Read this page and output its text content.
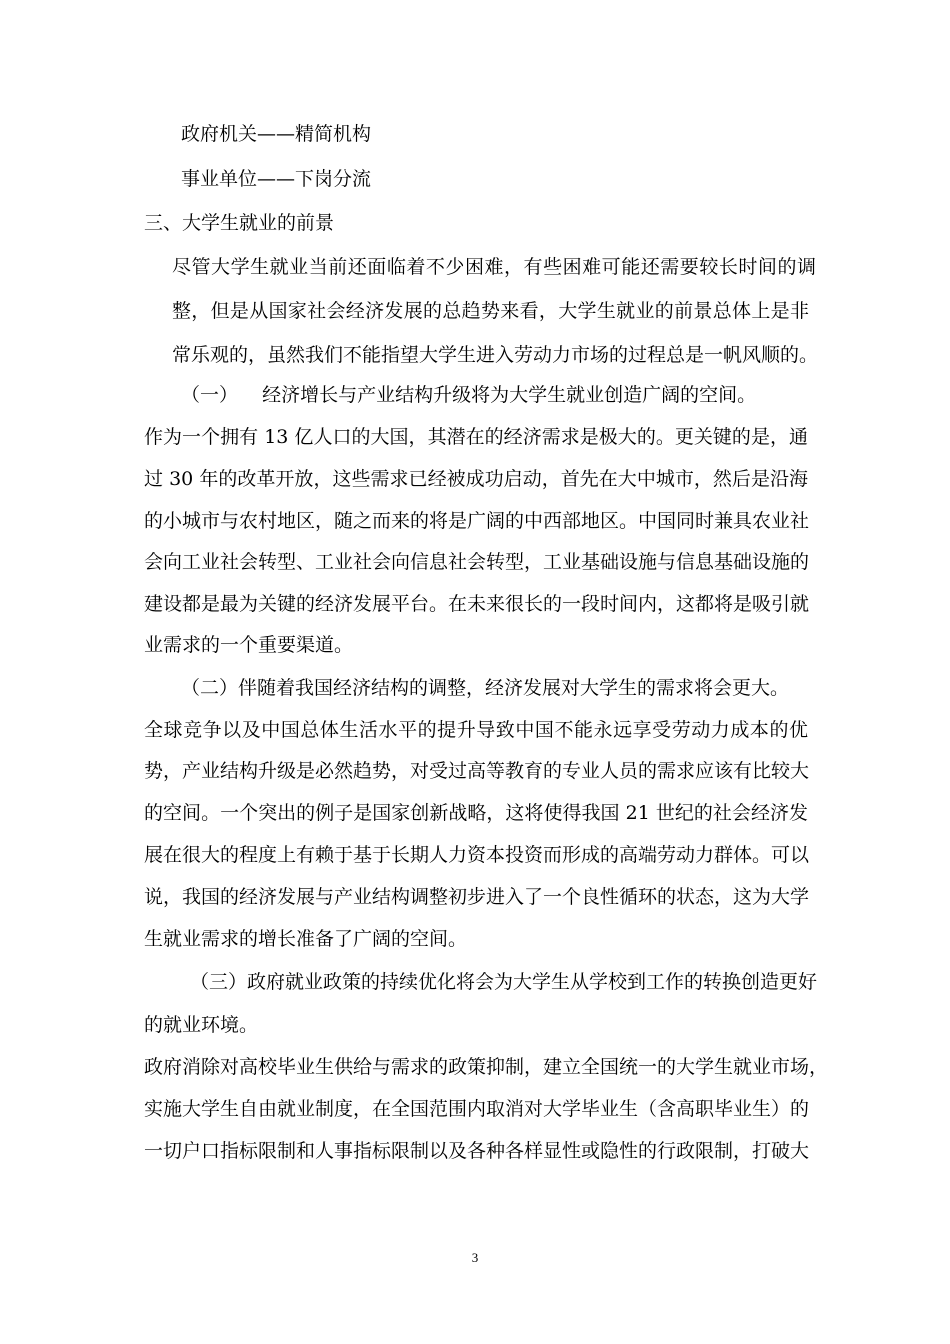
政府机关——精简机构

事业单位——下岗分流

三、大学生就业的前景

尽管大学生就业当前还面临着不少困难，有些困难可能还需要较长时间的调

整，但是从国家社会经济发展的总趋势来看，大学生就业的前景总体上是非

常乐观的，虽然我们不能指望大学生进入劳动力市场的过程总是一帆风顺的。

（一）    经济增长与产业结构升级将为大学生就业创造广阔的空间。

作为一个拥有 13 亿人口的大国，其潜在的经济需求是极大的。更关键的是，通

过 30 年的改革开放，这些需求已经被成功启动，首先在大中城市，然后是沿海

的小城市与农村地区，随之而来的将是广阔的中西部地区。中国同时兼具农业社

会向工业社会转型、工业社会向信息社会转型，工业基础设施与信息基础设施的

建设都是最为关键的经济发展平台。在未来很长的一段时间内，这都将是吸引就

业需求的一个重要渠道。

（二）伴随着我国经济结构的调整，经济发展对大学生的需求将会更大。

全球竞争以及中国总体生活水平的提升导致中国不能永远享受劳动力成本的优

势，产业结构升级是必然趋势，对受过高等教育的专业人员的需求应该有比较大

的空间。一个突出的例子是国家创新战略，这将使得我国 21 世纪的社会经济发

展在很大的程度上有赖于基于长期人力资本投资而形成的高端劳动力群体。可以

说，我国的经济发展与产业结构调整初步进入了一个良性循环的状态，这为大学

生就业需求的增长准备了广阔的空间。

（三）政府就业政策的持续优化将会为大学生从学校到工作的转换创造更好

的就业环境。

政府消除对高校毕业生供给与需求的政策抑制，建立全国统一的大学生就业市场，

实施大学生自由就业制度，在全国范围内取消对大学毕业生（含高职毕业生）的

一切户口指标限制和人事指标限制以及各种各样显性或隐性的行政限制，打破大

3
